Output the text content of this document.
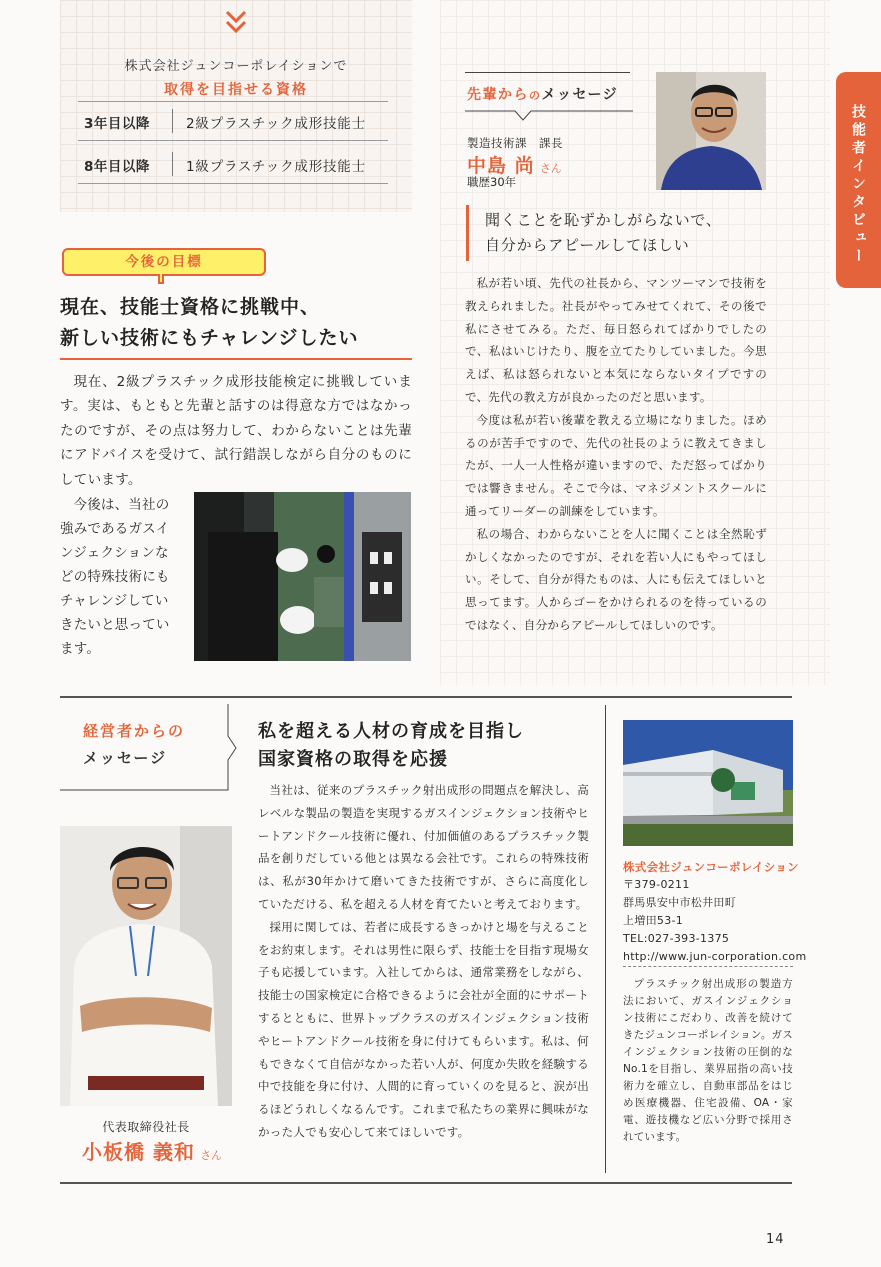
株式会社ジュンコーポレイションで
取得を目指せる資格
3年目以降	2級プラスチック成形技能士
8年目以降	1級プラスチック成形技能士
今後の目標
現在、技能士資格に挑戦中、
新しい技術にもチャレンジしたい
現在、2級プラスチック成形技能検定に挑戦しています。実は、もともと先輩と話すのは得意な方ではなかったのですが、その点は努力して、わからないことは先輩にアドバイスを受けて、試行錯誤しながら自分のものにしています。
今後は、当社の
強みであるガスイ
ンジェクションな
どの特殊技術にも
チャレンジしてい
きたいと思ってい
ます。
先輩からのメッセージ
製造技術課　課長
中島 尚 さん
職歴30年
聞くことを恥ずかしがらないで、
自分からアピールしてほしい

私が若い頃、先代の社長から、マンツーマンで技術を教えられました。社長がやってみせてくれて、その後で私にさせてみる。ただ、毎日怒られてばかりでしたので、私はいじけたり、腹を立てたりしていました。今思えば、私は怒られないと本気にならないタイプですので、先代の教え方が良かったのだと思います。

今度は私が若い後輩を教える立場になりました。ほめるのが苦手ですので、先代の社長のように教えてきましたが、一人一人性格が違いますので、ただ怒ってばかりでは響きません。そこで今は、マネジメントスクールに通ってリーダーの訓練をしています。

私の場合、わからないことを人に聞くことは全然恥ずかしくなかったのですが、それを若い人にもやってほしい。そして、自分が得たものは、人にも伝えてほしいと思ってます。人からゴーをかけられるのを待っているのではなく、自分からアピールしてほしいのです。

技能者インタビュー
経営者からの
メッセージ
私を超える人材の育成を目指し
国家資格の取得を応援

当社は、従来のプラスチック射出成形の問題点を解決し、高レベルな製品の製造を実現するガスインジェクション技術やヒートアンドクール技術に優れ、付加価値のあるプラスチック製品を創りだしている他とは異なる会社です。これらの特殊技術は、私が30年かけて磨いてきた技術ですが、さらに高度化していただける、私を超える人材を育てたいと考えております。

採用に関しては、若者に成長するきっかけと場を与えることをお約束します。それは男性に限らず、技能士を目指す現場女子も応援しています。入社してからは、通常業務をしながら、技能士の国家検定に合格できるように会社が全面的にサポートするとともに、世界トップクラスのガスインジェクション技術やヒートアンドクール技術を身に付けてもらいます。私は、何もできなくて自信がなかった若い人が、何度か失敗を経験する中で技能を身に付け、人間的に育っていくのを見ると、涙が出るほどうれしくなるんです。これまで私たちの業界に興味がなかった人でも安心して来てほしいです。

代表取締役社長
小板橋 義和 さん
株式会社ジュンコーポレイション
〒379-0211
群馬県安中市松井田町
上増田53-1
TEL:027-393-1375
http://www.jun-corporation.com
プラスチック射出成形の製造方法において、ガスインジェクション技術にこだわり、改善を続けてきたジュンコーポレイション。ガスインジェクション技術の圧倒的なNo.1を目指し、業界屈指の高い技術力を確立し、自動車部品をはじめ医療機器、住宅設備、OA・家電、遊技機など広い分野で採用されています。
14
